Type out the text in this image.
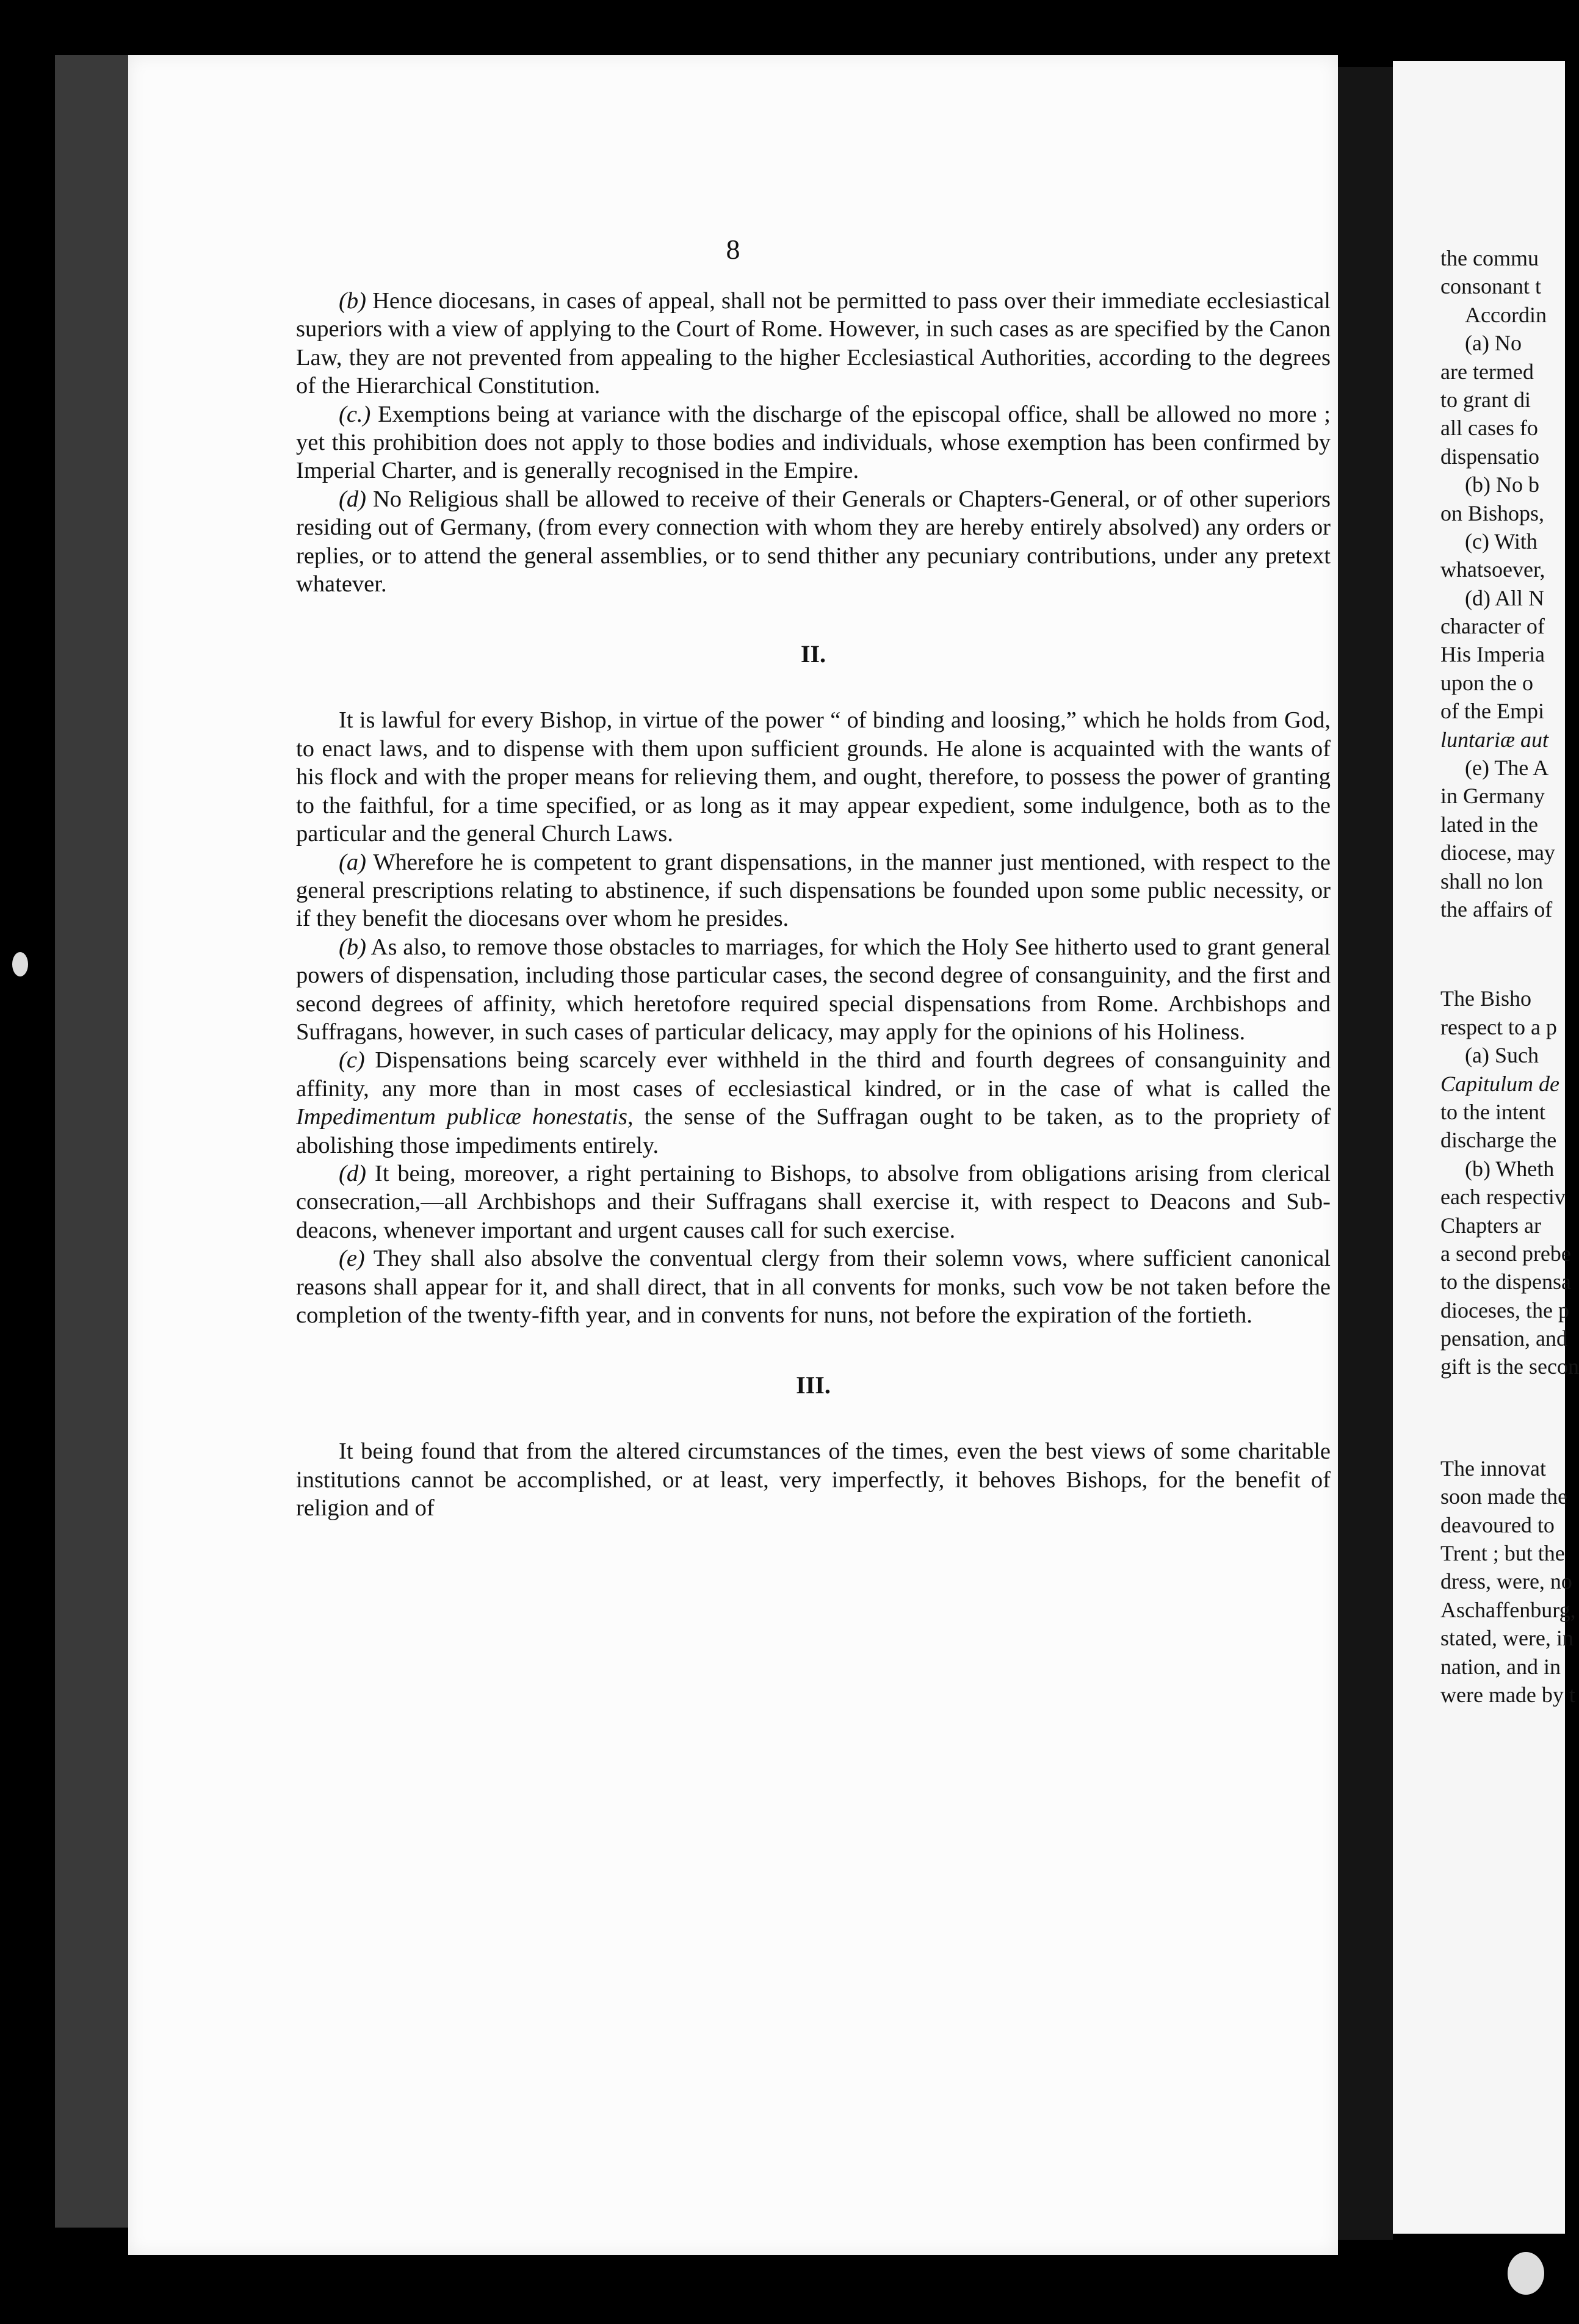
8

(b) Hence diocesans, in cases of appeal, shall not be permitted to pass over their immediate ecclesiastical superiors with a view of applying to the Court of Rome. However, in such cases as are specified by the Canon Law, they are not prevented from appealing to the higher Ecclesiastical Authorities, according to the degrees of the Hierarchical Constitution.

(c.) Exemptions being at variance with the discharge of the episcopal office, shall be allowed no more ; yet this prohibition does not apply to those bodies and individuals, whose exemption has been confirmed by Imperial Charter, and is generally recognised in the Empire.

(d) No Religious shall be allowed to receive of their Generals or Chapters-General, or of other superiors residing out of Germany, (from every connection with whom they are hereby entirely absolved) any orders or replies, or to attend the general assemblies, or to send thither any pecuniary contributions, under any pretext whatever.

II.

It is lawful for every Bishop, in virtue of the power “ of binding and loosing,” which he holds from God, to enact laws, and to dispense with them upon sufficient grounds. He alone is acquainted with the wants of his flock and with the proper means for relieving them, and ought, therefore, to possess the power of granting to the faithful, for a time specified, or as long as it may appear expedient, some indulgence, both as to the particular and the general Church Laws.

(a) Wherefore he is competent to grant dispensations, in the manner just mentioned, with respect to the general prescriptions relating to abstinence, if such dispensations be founded upon some public necessity, or if they benefit the diocesans over whom he presides.

(b) As also, to remove those obstacles to marriages, for which the Holy See hitherto used to grant general powers of dispensation, including those particular cases, the second degree of consanguinity, and the first and second degrees of affinity, which heretofore required special dispensations from Rome. Archbishops and Suffragans, however, in such cases of particular delicacy, may apply for the opinions of his Holiness.

(c) Dispensations being scarcely ever withheld in the third and fourth degrees of consanguinity and affinity, any more than in most cases of ecclesiastical kindred, or in the case of what is called the Impedimentum publicæ honestatis, the sense of the Suffragan ought to be taken, as to the propriety of abolishing those impediments entirely.

(d) It being, moreover, a right pertaining to Bishops, to absolve from obligations arising from clerical consecration,—all Archbishops and their Suffragans shall exercise it, with respect to Deacons and Sub-deacons, whenever important and urgent causes call for such exercise.

(e) They shall also absolve the conventual clergy from their solemn vows, where sufficient canonical reasons shall appear for it, and shall direct, that in all convents for monks, such vow be not taken before the completion of the twenty-fifth year, and in convents for nuns, not before the expiration of the fortieth.

III.

It being found that from the altered circumstances of the times, even the best views of some charitable institutions cannot be accomplished, or at least, very imperfectly, it behoves Bishops, for the benefit of religion and of

the commu
consonant t
Accordin
(a) No
are termed
to grant di
all cases fo
dispensatio
(b) No b
on Bishops,
(c) With
whatsoever,
(d) All N
character of
His Imperia
upon the o
of the Empi
luntariæ aut
(e) The A
in Germany
lated in the
diocese, may
shall no lon
the affairs of
The Bisho
respect to a p
(a) Such
Capitulum de
to the intent
discharge the
(b) Wheth
each respectiv
Chapters ar
a second prebe
to the dispensa
dioceses, the p
pensation, and
gift is the secon
The innovat
soon made the
deavoured to
Trent ; but the
dress, were, no
Aschaffenburg,
stated, were, in
nation, and in
were made by t
